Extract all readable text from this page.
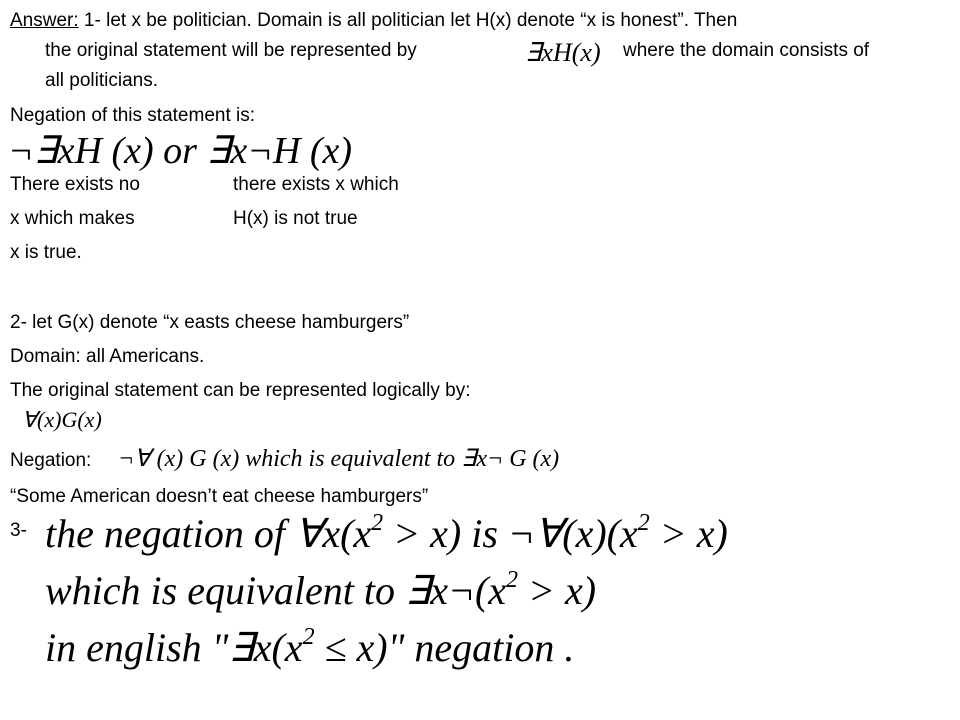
Answer: 1- let x be politician. Domain is all politician let H(x) denote “x is honest”. Then
the original statement will be represented by	∃xH(x) where the domain consists of
all politicians.
Negation of this statement is:
¬∃xH (x) or ∃x¬H (x)
There exists no
x which makes
x is true.
there exists x which
H(x) is not true
2- let G(x) denote “x easts cheese hamburgers”
Domain: all Americans.
The original statement can be represented logically by:
∀(x)G(x)
Negation: ¬∀ (x) G (x) which is equivalent to ∃x¬ G (x)
“Some American doesn’t eat cheese hamburgers”
3- the negation of $\forall x(x^2 > x)$ is $\neg\forall(x)(x^2 > x)$
which is equivalent to $\exists x\neg(x^2 > x)$
in english "$\exists x(x^2 \le x)$" negation .
